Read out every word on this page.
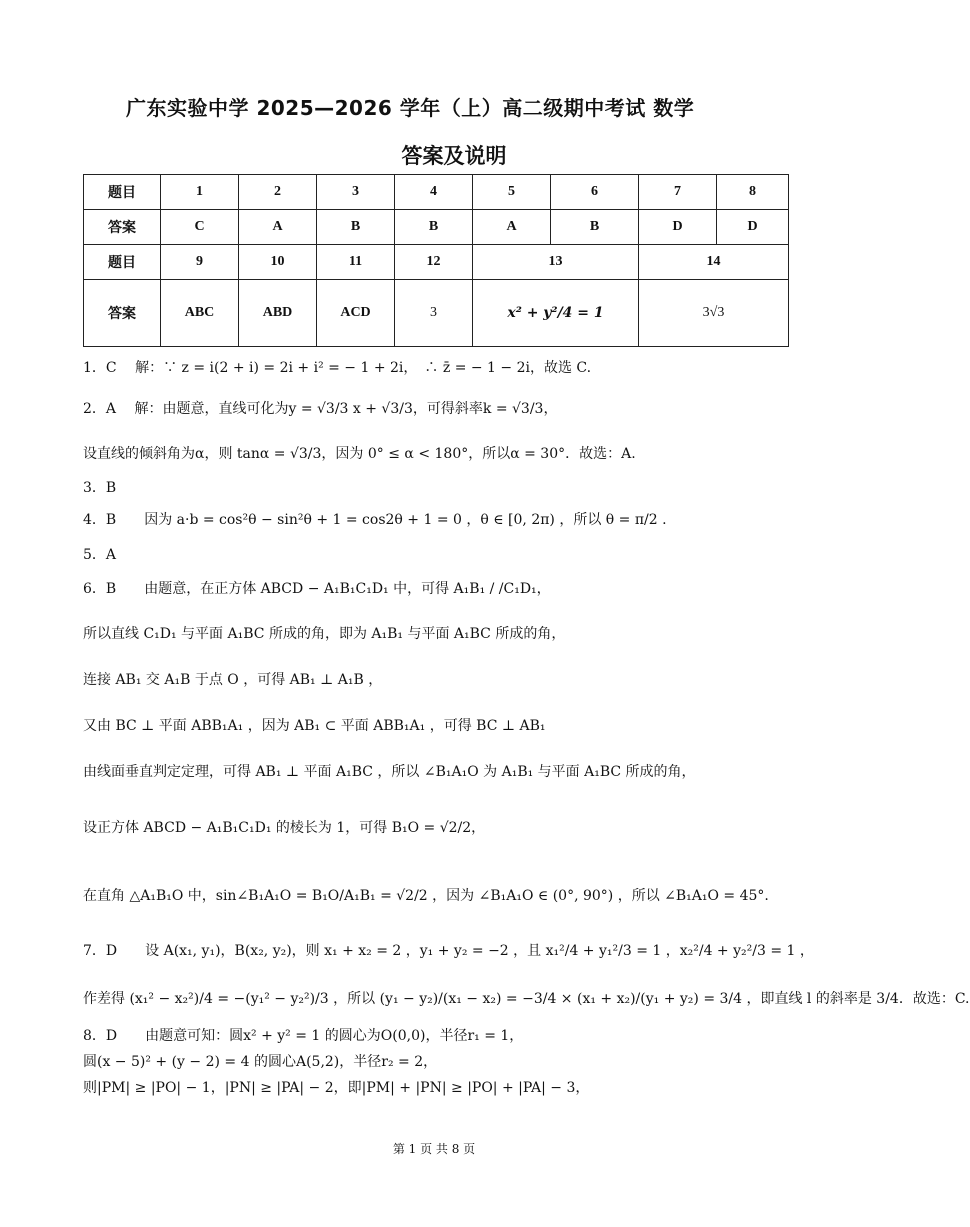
广东实验中学 2025—2026 学年（上）高二级期中考试 数学
答案及说明
题目	1	2	3	4	5	6	7	8
答案	C	A	B	B	A	B	D	D
题目	9	10	11	12	13		14	
答案	ABC	ABD	ACD	3	x² + y²/4 = 1		3√3	
1．C　 解：∵ z = i(2 + i) = 2i + i² = − 1 + 2i，　∴ z̄ = − 1 − 2i，故选 C.
2．A　 解：由题意，直线可化为y = √3/3 x + √3/3，可得斜率k = √3/3，
设直线的倾斜角为α，则 tanα = √3/3，因为 0° ≤ α < 180°，所以α = 30°．故选：A.
3．B
4．B　　因为 a·b = cos²θ − sin²θ + 1 = cos2θ + 1 = 0 ，θ ∈ [0, 2π) ，所以 θ = π/2 .
5．A
6．B　　由题意，在正方体 ABCD − A₁B₁C₁D₁ 中，可得 A₁B₁ / /C₁D₁，
所以直线 C₁D₁ 与平面 A₁BC 所成的角，即为 A₁B₁ 与平面 A₁BC 所成的角，
连接 AB₁ 交 A₁B 于点 O ，可得 AB₁ ⊥ A₁B ，
又由 BC ⊥ 平面 ABB₁A₁ ，因为 AB₁ ⊂ 平面 ABB₁A₁ ，可得 BC ⊥ AB₁
由线面垂直判定定理，可得 AB₁ ⊥ 平面 A₁BC ，所以 ∠B₁A₁O 为 A₁B₁ 与平面 A₁BC 所成的角，
设正方体 ABCD − A₁B₁C₁D₁ 的棱长为 1，可得 B₁O = √2/2，
在直角 △A₁B₁O 中，sin∠B₁A₁O = B₁O/A₁B₁ = √2/2 ，因为 ∠B₁A₁O ∈ (0°, 90°) ，所以 ∠B₁A₁O = 45°.
7．D　　设 A(x₁, y₁)，B(x₂, y₂)，则 x₁ + x₂ = 2 ，y₁ + y₂ = −2 ，且 x₁²/4 + y₁²/3 = 1 ，x₂²/4 + y₂²/3 = 1 ，
作差得 (x₁² − x₂²)/4 = −(y₁² − y₂²)/3 ，所以 (y₁ − y₂)/(x₁ − x₂) = −3/4 × (x₁ + x₂)/(y₁ + y₂) = 3/4 ，即直线 l 的斜率是 3/4．故选：C.
8．D　　由题意可知：圆x² + y² = 1 的圆心为O(0,0)，半径r₁ = 1，
圆(x − 5)² + (y − 2) = 4 的圆心A(5,2)，半径r₂ = 2，
则|PM| ≥ |PO| − 1，|PN| ≥ |PA| − 2，即|PM| + |PN| ≥ |PO| + |PA| − 3，
第 1 页 共 8 页
